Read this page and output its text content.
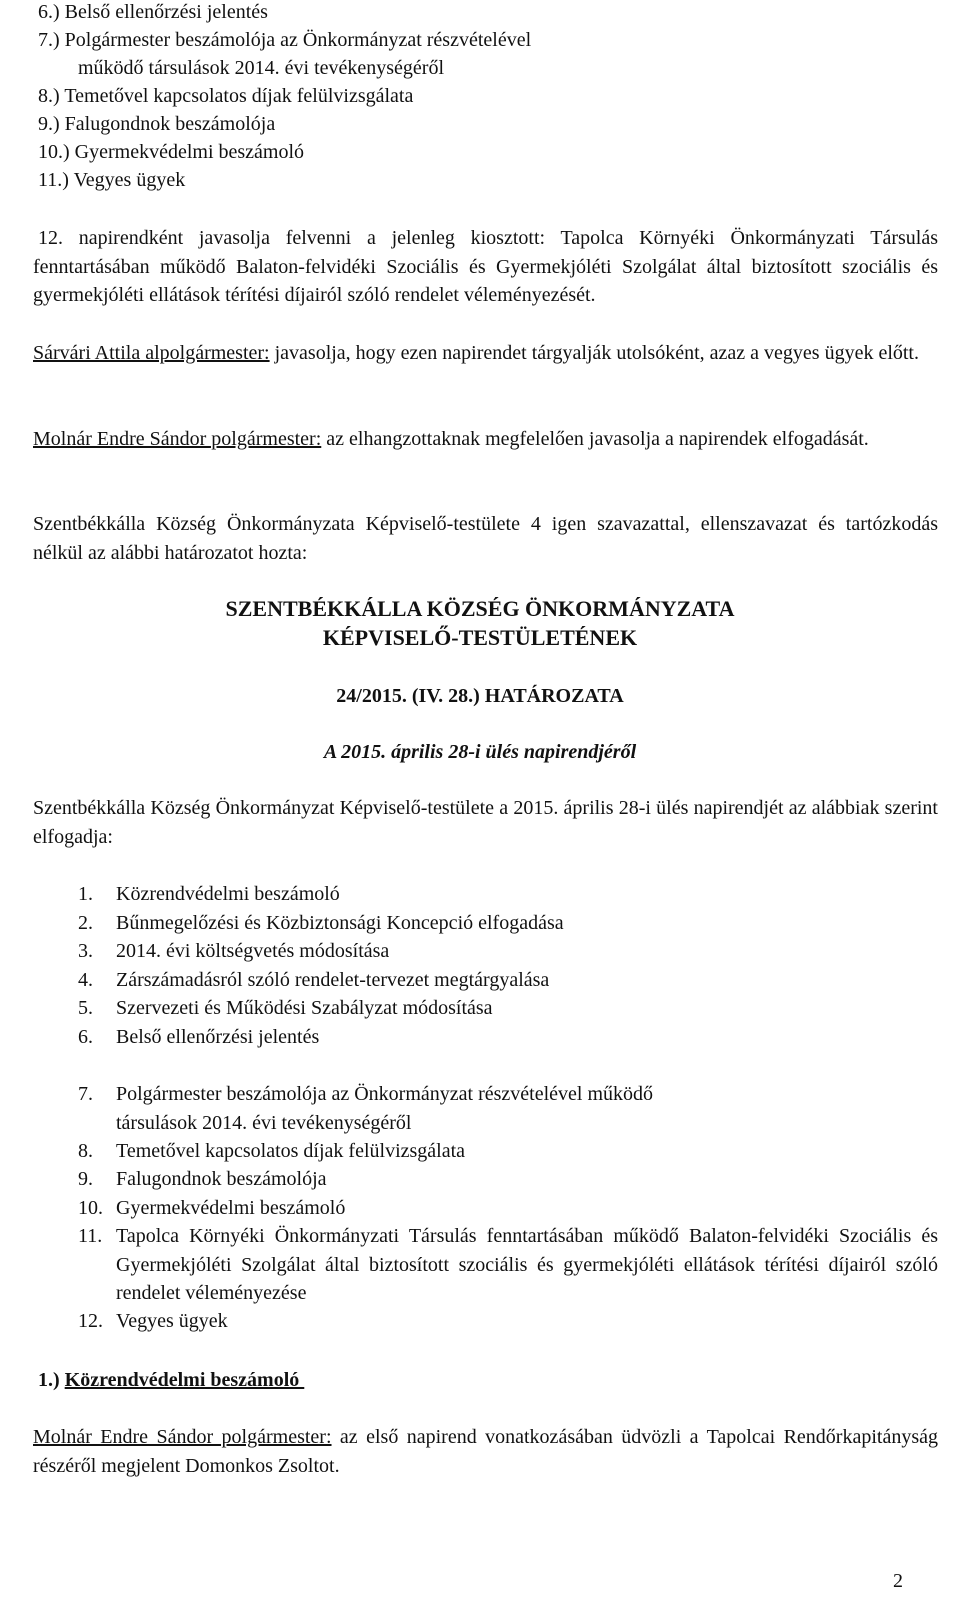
6.) Belső ellenőrzési jelentés
7.) Polgármester beszámolója az Önkormányzat részvételével
működő társulások 2014. évi tevékenységéről
8.) Temetővel kapcsolatos díjak felülvizsgálata
9.) Falugondnok beszámolója
10.) Gyermekvédelmi beszámoló
11.) Vegyes ügyek
12. napirendként javasolja felvenni a jelenleg kiosztott: Tapolca Környéki Önkormányzati Társulás fenntartásában működő Balaton-felvidéki Szociális és Gyermekjóléti Szolgálat által biztosított szociális és gyermekjóléti ellátások térítési díjairól szóló rendelet véleményezését.
Sárvári Attila alpolgármester: javasolja, hogy ezen napirendet tárgyalják utolsóként, azaz a vegyes ügyek előtt.
Molnár Endre Sándor polgármester: az elhangzottaknak megfelelően javasolja a napirendek elfogadását.
Szentbékkálla Község Önkormányzata Képviselő-testülete 4 igen szavazattal, ellenszavazat és tartózkodás nélkül az alábbi határozatot hozta:
SZENTBÉKKÁLLA KÖZSÉG ÖNKORMÁNYZATA
KÉPVISELŐ-TESTÜLETÉNEK
24/2015. (IV. 28.) HATÁROZATA
A 2015. április 28-i ülés napirendjéről
Szentbékkálla Község Önkormányzat Képviselő-testülete a 2015. április 28-i ülés napirendjét az alábbiak szerint elfogadja:
1. Közrendvédelmi beszámoló
2. Bűnmegelőzési és Közbiztonsági Koncepció elfogadása
3. 2014. évi költségvetés módosítása
4. Zárszámadásról szóló rendelet-tervezet megtárgyalása
5. Szervezeti és Működési Szabályzat módosítása
6. Belső ellenőrzési jelentés
7. Polgármester beszámolója az Önkormányzat részvételével működő társulások 2014. évi tevékenységéről
8. Temetővel kapcsolatos díjak felülvizsgálata
9. Falugondnok beszámolója
10. Gyermekvédelmi beszámoló
11. Tapolca Környéki Önkormányzati Társulás fenntartásában működő Balaton-felvidéki Szociális és Gyermekjóléti Szolgálat által biztosított szociális és gyermekjóléti ellátások térítési díjairól szóló rendelet véleményezése
12. Vegyes ügyek
1.) Közrendvédelmi beszámoló
Molnár Endre Sándor polgármester: az első napirend vonatkozásában üdvözli a Tapolcai Rendőrkapitányság részéről megjelent Domonkos Zsoltot.
2
